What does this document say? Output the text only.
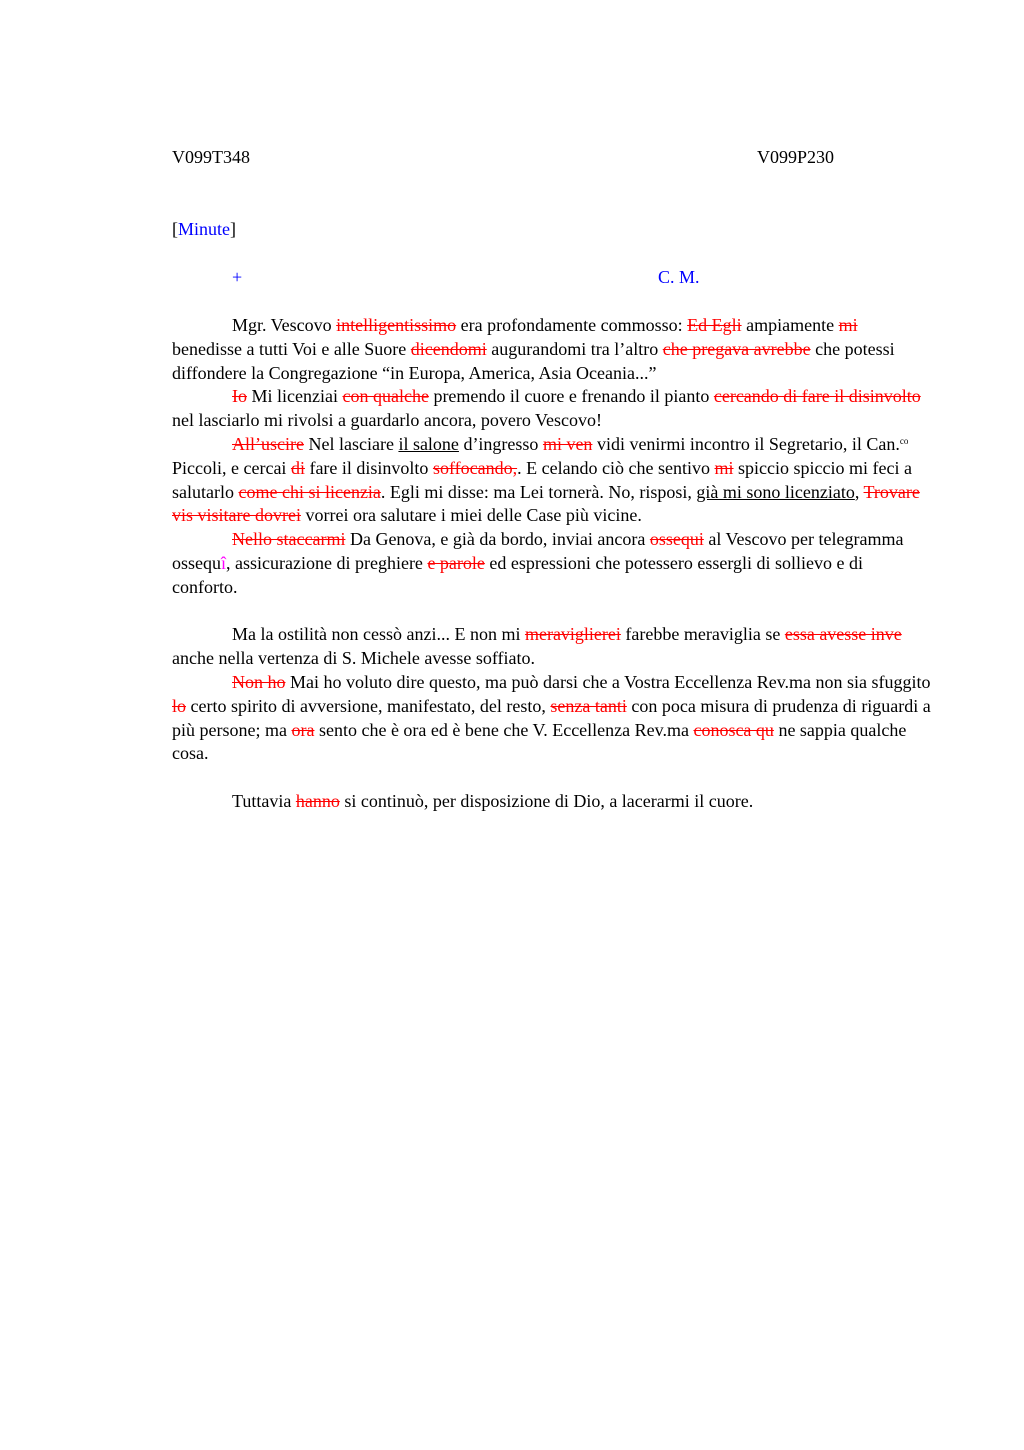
V099T348	V099P230
[Minute]
+	C. M.

Mgr. Vescovo intelligentissimo era profondamente commosso: Ed Egli ampiamente mi benedisse a tutti Voi e alle Suore dicendomi augurandomi tra l’altro che pregava avrebbe che potessi diffondere la Congregazione “in Europa, America, Asia Oceania...”

Io Mi licenziai con qualche premendo il cuore e frenando il pianto cercando di fare il disinvolto nel lasciarlo mi rivolsi a guardarlo ancora, povero Vescovo!

All’uscire Nel lasciare il salone d’ingresso mi ven vidi venirmi incontro il Segretario, il Can.$^{co}$ Piccoli, e cercai di fare il disinvolto soffocando,. E celando ciò che sentivo mi spiccio spiccio mi feci a salutarlo come chi si licenzia. Egli mi disse: ma Lei tornerà. No, risposi, già mi sono licenziato, Trovare vis visitare dovrei vorrei ora salutare i miei delle Case più vicine.

Nello staccarmi Da Genova, e già da bordo, inviai ancora ossequi al Vescovo per telegramma ossequî, assicurazione di preghiere e parole ed espressioni che potessero essergli di sollievo e di conforto.

Ma la ostilità non cessò anzi... E non mi meraviglierei farebbe meraviglia se essa avesse inve anche nella vertenza di S. Michele avesse soffiato.

Non ho Mai ho voluto dire questo, ma può darsi che a Vostra Eccellenza Rev.ma non sia sfuggito lo certo spirito di avversione, manifestato, del resto, senza tanti con poca misura di prudenza di riguardi a più persone; ma ora sento che è ora ed è bene che V. Eccellenza Rev.ma conosca qu ne sappia qualche cosa.

Tuttavia hanno si continuò, per disposizione di Dio, a lacerarmi il cuore.
